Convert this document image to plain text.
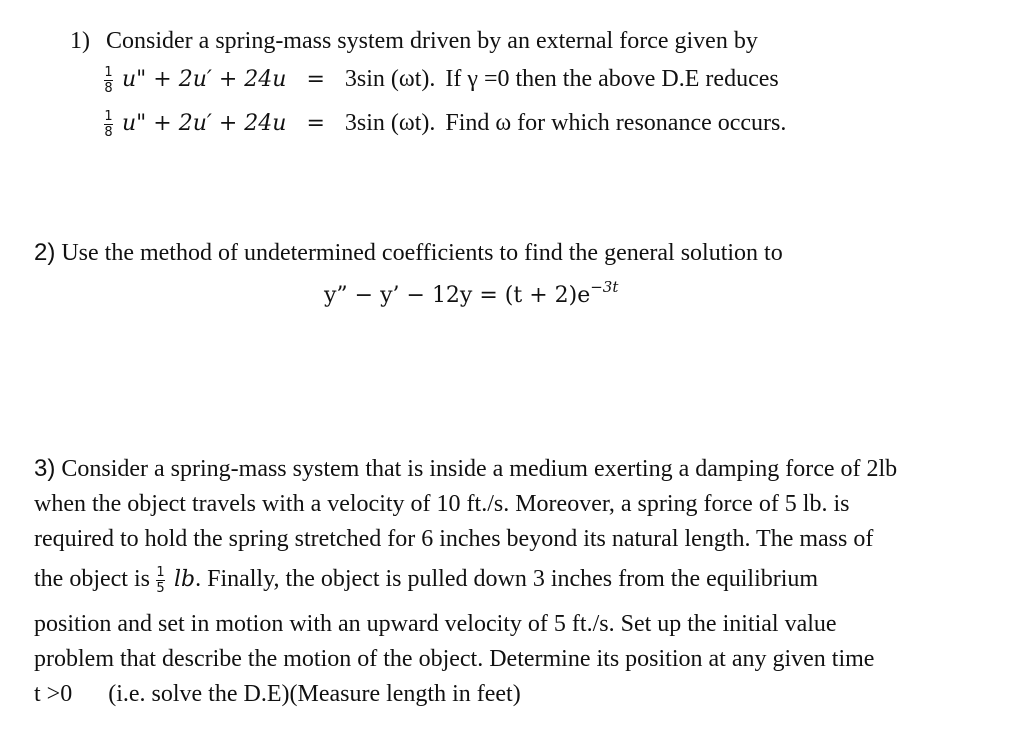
1) Consider a spring-mass system driven by an external force given by
$\frac{1}{8} u$" + 2u′ + 24u = 3sin (ωt). If γ =0 then the above D.E reduces
$\frac{1}{8} u$" + 2u′ + 24u = 3sin (ωt). Find ω for which resonance occurs.
2) Use the method of undetermined coefficients to find the general solution to
y” − y’ − $12y = (t + 2)e^{-3t}$
3) Consider a spring-mass system that is inside a medium exerting a damping force of 2lb
when the object travels with a velocity of 10 ft./s. Moreover, a spring force of 5 lb. is
required to hold the spring stretched for 6 inches beyond its natural length. The mass of
the object is $\frac{1}{5}$ lb. Finally, the object is pulled down 3 inches from the equilibrium
position and set in motion with an upward velocity of 5 ft./s. Set up the initial value
problem that describe the motion of the object. Determine its position at any given time
t >0 (i.e. solve the D.E)(Measure length in feet)
